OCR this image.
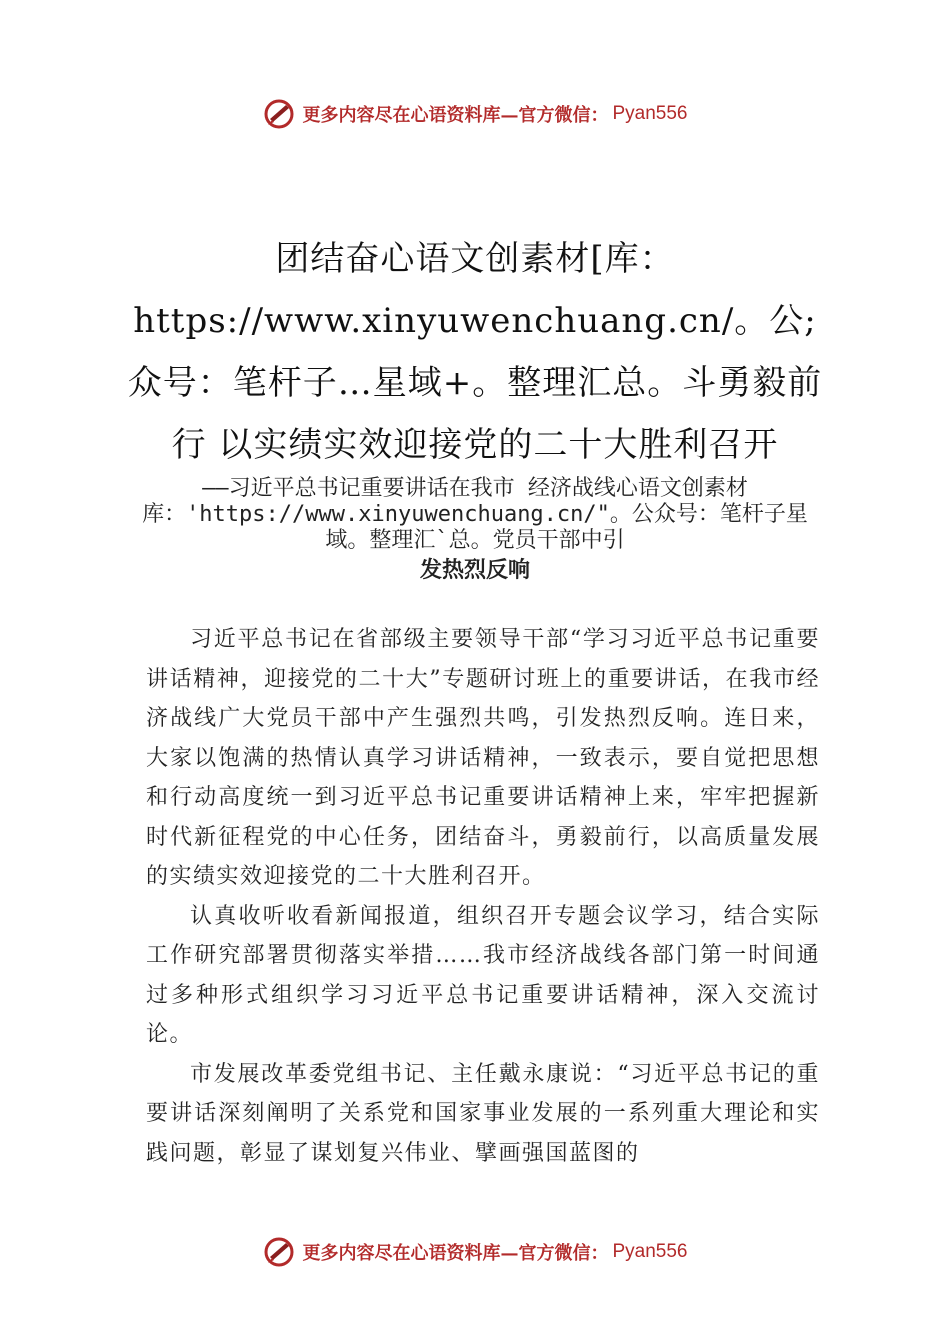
更多内容尽在心语资料库—官方微信： Pyan556
团结奋心语文创素材[库：https://www.xinyuwenchuang.cn/。公;众号：笔杆子…星域+。整理汇总。斗勇毅前行 以实绩实效迎接党的二十大胜利召开
——习近平总书记重要讲话在我市 经济战线心语文创素材库：'https://www.xinyuwenchuang.cn/"。公众号：笔杆子星域。整理汇`总。党员干部中引
发热烈反响

习近平总书记在省部级主要领导干部“学习习近平总书记重要讲话精神，迎接党的二十大”专题研讨班上的重要讲话，在我市经济战线广大党员干部中产生强烈共鸣，引发热烈反响。连日来，大家以饱满的热情认真学习讲话精神，一致表示，要自觉把思想和行动高度统一到习近平总书记重要讲话精神上来，牢牢把握新时代新征程党的中心任务，团结奋斗，勇毅前行，以高质量发展的实绩实效迎接党的二十大胜利召开。

认真收听收看新闻报道，组织召开专题会议学习，结合实际工作研究部署贯彻落实举措……我市经济战线各部门第一时间通过多种形式组织学习习近平总书记重要讲话精神，深入交流讨论。

市发展改革委党组书记、主任戴永康说：“习近平总书记的重要讲话深刻阐明了关系党和国家事业发展的一系列重大理论和实践问题，彰显了谋划复兴伟业、擘画强国蓝图的

更多内容尽在心语资料库—官方微信： Pyan556
